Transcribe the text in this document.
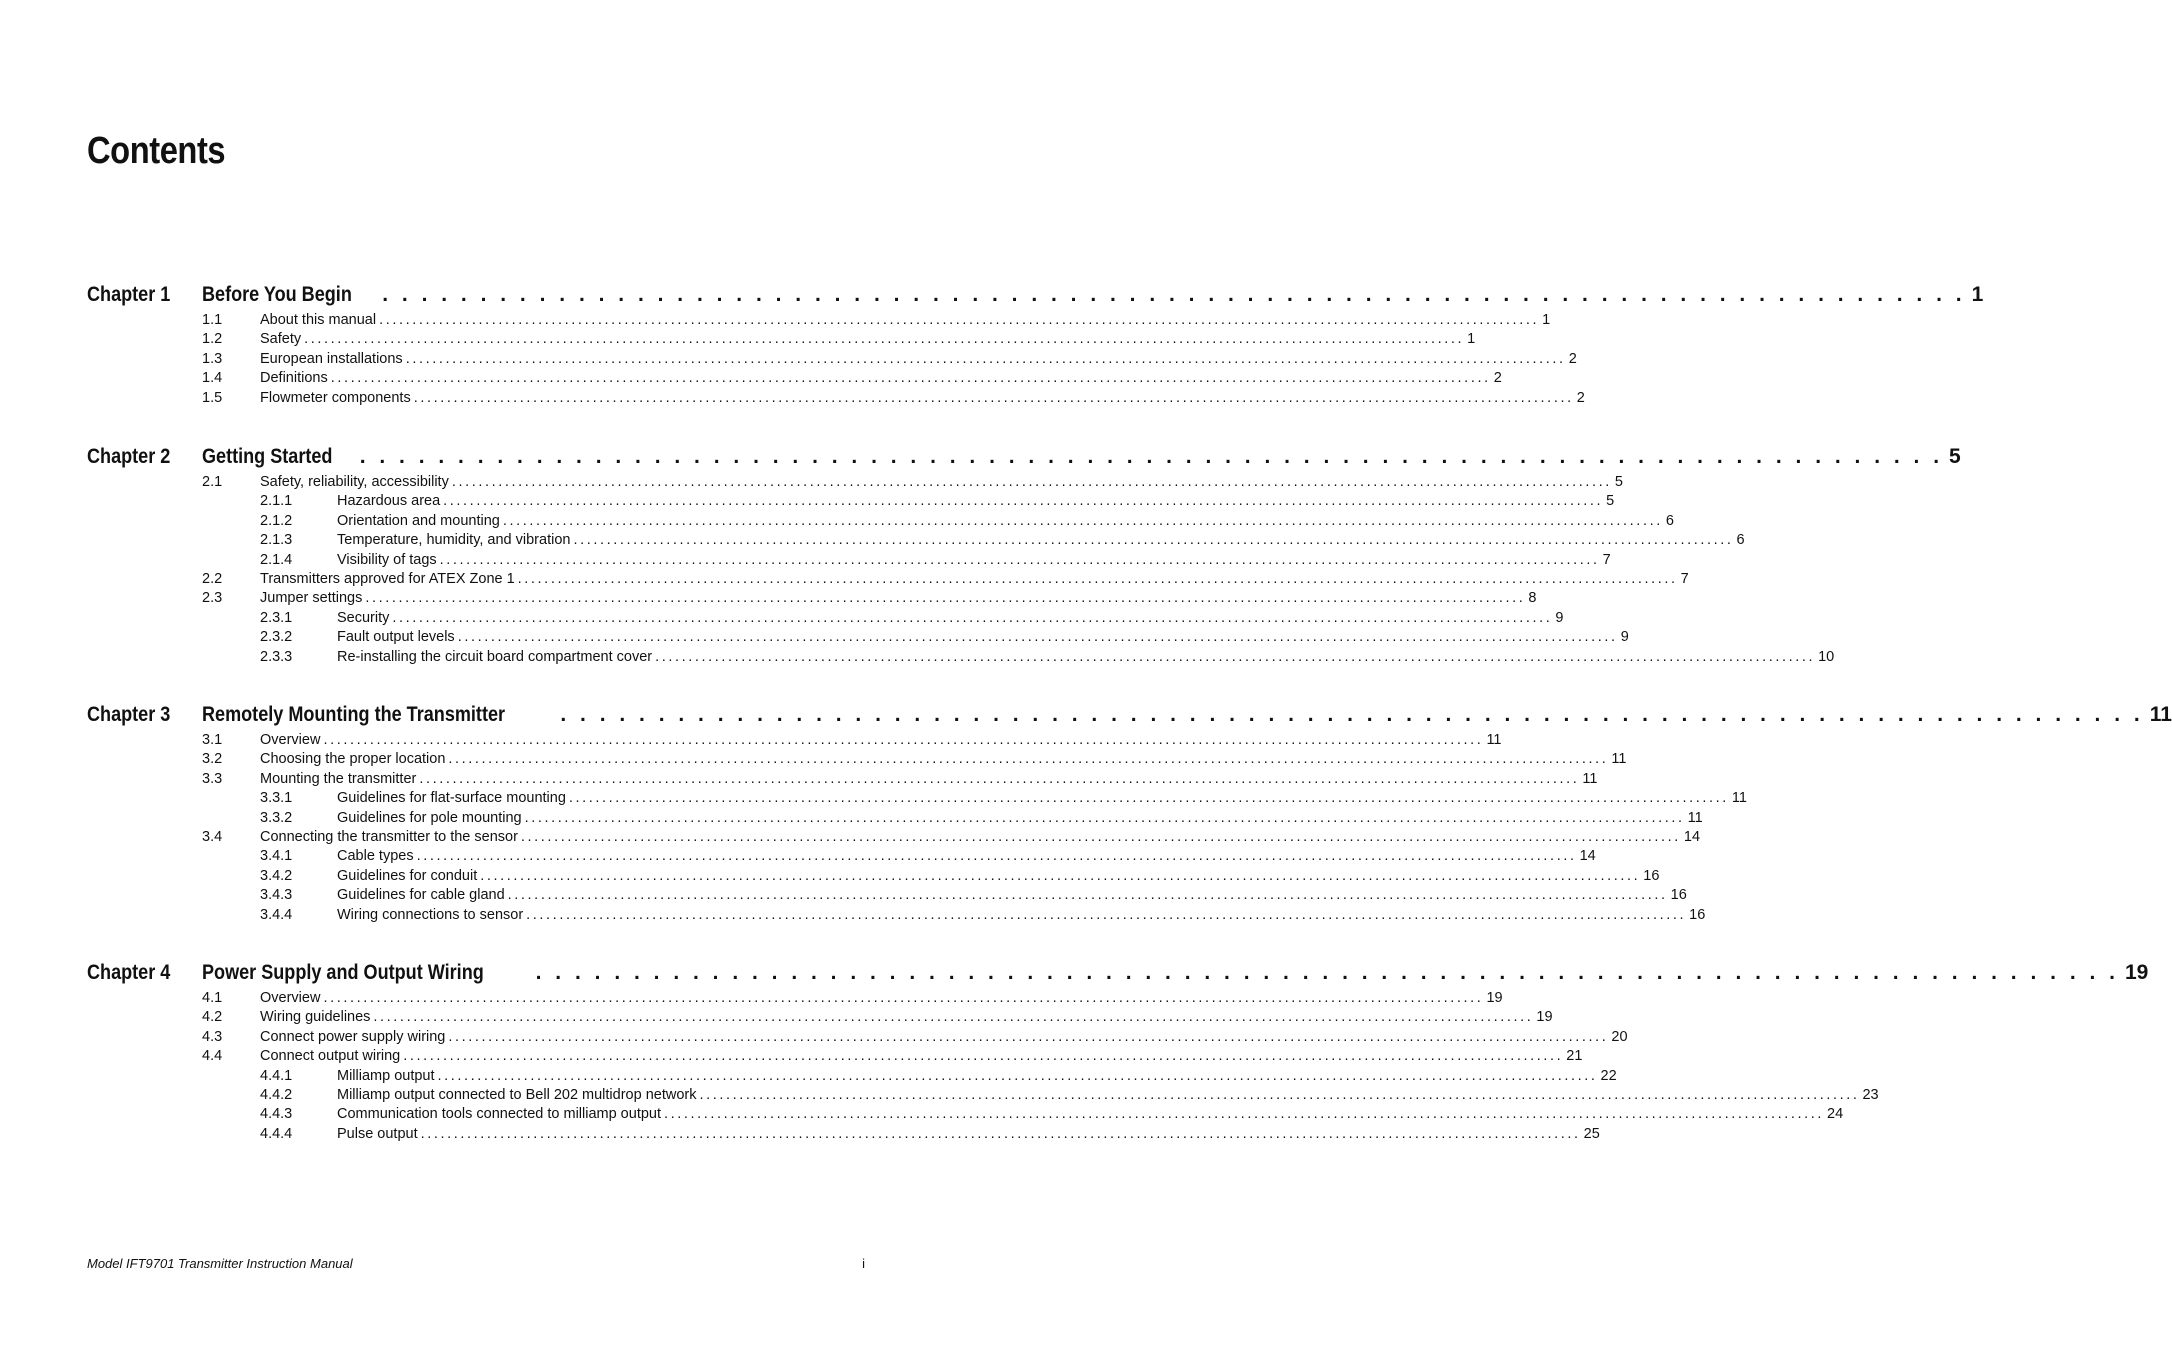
Contents
Chapter 1 Before You Begin . . . . . . . . . . . . . . . . . . . . . . . . . . . . . . . . . . . . . . . . . . . . . . . . . . . . . . . . . . . . . . . . . . . . . . . . . . . . . . . . . 1
1.1	About this manual ............................................................................................................................................................................... 1
1.2	Safety ............................................................................................................................................................................... 1
1.3	European installations ............................................................................................................................................................................... 2
1.4	Definitions ............................................................................................................................................................................... 2
1.5	Flowmeter components ............................................................................................................................................................................... 2
Chapter 2 Getting Started . . . . . . . . . . . . . . . . . . . . . . . . . . . . . . . . . . . . . . . . . . . . . . . . . . . . . . . . . . . . . . . . . . . . . . . . . . . . . . . . . 5
2.1	Safety, reliability, accessibility ............................................................................................................................................................................... 5
2.1.1	Hazardous area ............................................................................................................................................................................... 5
2.1.2	Orientation and mounting ............................................................................................................................................................................... 6
2.1.3	Temperature, humidity, and vibration ............................................................................................................................................................................... 6
2.1.4	Visibility of tags ............................................................................................................................................................................... 7
2.2	Transmitters approved for ATEX Zone 1 ............................................................................................................................................................................... 7
2.3	Jumper settings ............................................................................................................................................................................... 8
2.3.1	Security ............................................................................................................................................................................... 9
2.3.2	Fault output levels ............................................................................................................................................................................... 9
2.3.3	Re-installing the circuit board compartment cover ............................................................................................................................................................................... 10
Chapter 3 Remotely Mounting the Transmitter	. . . . . . . . . . . . . . . . . . . . . . . . . . . . . . . . . . . . . . . . . . . . . . . . . . . . . . . . . . . . . . . . . . . . . . . . . . . . . . . . . 11
3.1	Overview ............................................................................................................................................................................... 11
3.2	Choosing the proper location ............................................................................................................................................................................... 11
3.3	Mounting the transmitter ............................................................................................................................................................................... 11
3.3.1	Guidelines for flat-surface mounting ............................................................................................................................................................................... 11
3.3.2	Guidelines for pole mounting ............................................................................................................................................................................... 11
3.4	Connecting the transmitter to the sensor ............................................................................................................................................................................... 14
3.4.1	Cable types ............................................................................................................................................................................... 14
3.4.2	Guidelines for conduit ............................................................................................................................................................................... 16
3.4.3	Guidelines for cable gland ............................................................................................................................................................................... 16
3.4.4	Wiring connections to sensor ............................................................................................................................................................................... 16
Chapter 4 Power Supply and Output Wiring . . . . . . . . . . . . . . . . . . . . . . . . . . . . . . . . . . . . . . . . . . . . . . . . . . . . . . . . . . . . . . . . . . . . . . . . . . . . . . . . . 19
4.1	Overview ............................................................................................................................................................................... 19
4.2	Wiring guidelines ............................................................................................................................................................................... 19
4.3	Connect power supply wiring ............................................................................................................................................................................... 20
4.4	Connect output wiring ............................................................................................................................................................................... 21
4.4.1	Milliamp output ............................................................................................................................................................................... 22
4.4.2	Milliamp output connected to Bell 202 multidrop network ............................................................................................................................................................................... 23
4.4.3	Communication tools connected to milliamp output ............................................................................................................................................................................... 24
4.4.4	Pulse output ............................................................................................................................................................................... 25
Model IFT9701 Transmitter Instruction Manual	i
